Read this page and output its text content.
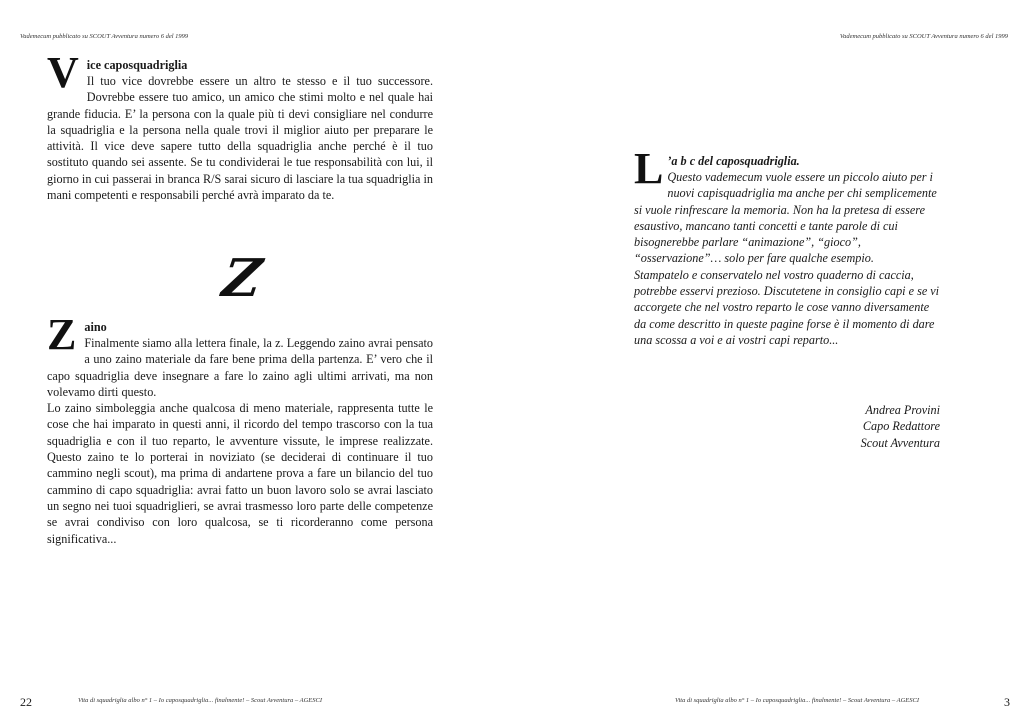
Vademecum pubblicato su SCOUT Avventura numero 6 del 1999	Vademecum pubblicato su SCOUT Avventura numero 6 del 1999
V ice caposquadriglia

Il tuo vice dovrebbe essere un altro te stesso e il tuo successore. Dovrebbe essere tuo amico, un amico che stimi molto e nel quale hai grande fiducia. E’ la persona con la quale più ti devi consigliare nel condurre la squadriglia e la persona nella quale trovi il miglior aiuto per preparare le attività. Il vice deve sapere tutto della squadriglia anche perché è il tuo sostituto quando sei assente. Se tu condividerai le tue responsabilità con lui, il giorno in cui passerai in branca R/S sarai sicuro di lasciare la tua squadriglia in mani competenti e responsabili perché avrà imparato da te.

Z
Z aino

Finalmente siamo alla lettera finale, la z. Leggendo zaino avrai pensato a uno zaino materiale da fare bene prima della partenza. E’ vero che il capo squadriglia deve insegnare a fare lo zaino agli ultimi arrivati, ma non volevamo dirti questo.

Lo zaino simboleggia anche qualcosa di meno materiale, rappresenta tutte le cose che hai imparato in questi anni, il ricordo del tempo trascorso con la tua squadriglia e con il tuo reparto, le avventure vissute, le imprese realizzate. Questo zaino te lo porterai in noviziato (se deciderai di continuare il tuo cammino negli scout), ma prima di andartene prova a fare un bilancio del tuo cammino di capo squadriglia: avrai fatto un buon lavoro solo se avrai lasciato un segno nei tuoi squadriglieri, se avrai trasmesso loro parte delle competenze se avrai condiviso con loro qualcosa, se ti ricorderanno come persona significativa...

L ’a b c del caposquadriglia.

Questo vademecum vuole essere un piccolo aiuto per i nuovi capisquadriglia ma anche per chi semplicemente si vuole rinfrescare la memoria. Non ha la pretesa di essere esaustivo, mancano tanti concetti e tante parole di cui bisognerebbe parlare “animazione”, “gioco”, “osservazione”… solo per fare qualche esempio.

Stampatelo e conservatelo nel vostro quaderno di caccia, potrebbe esservi prezioso. Discutetene in consiglio capi e se vi accorgete che nel vostro reparto le cose vanno diversamente da come descritto in queste pagine forse è il momento di dare una scossa a voi e ai vostri capi reparto...

Andrea Provini
Capo Redattore
Scout Avventura
22	Vita di squadriglia albo n° 1 – Io caposquadriglia... finalmente! – Scout Avventura – AGESCI	Vita di squadriglia albo n° 1 – Io caposquadriglia... finalmente! – Scout Avventura – AGESCI	3
